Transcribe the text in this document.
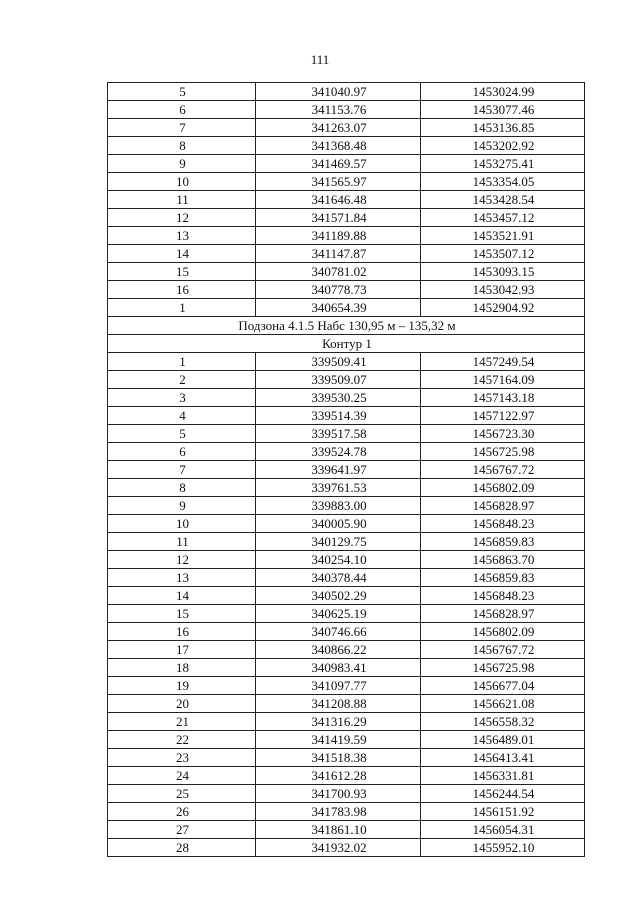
111
5	341040.97	1453024.99
6	341153.76	1453077.46
7	341263.07	1453136.85
8	341368.48	1453202.92
9	341469.57	1453275.41
10	341565.97	1453354.05
11	341646.48	1453428.54
12	341571.84	1453457.12
13	341189.88	1453521.91
14	341147.87	1453507.12
15	340781.02	1453093.15
16	340778.73	1453042.93
1	340654.39	1452904.92
Подзона 4.1.5 Набс 130,95 м – 135,32 м		
Контур 1		
1	339509.41	1457249.54
2	339509.07	1457164.09
3	339530.25	1457143.18
4	339514.39	1457122.97
5	339517.58	1456723.30
6	339524.78	1456725.98
7	339641.97	1456767.72
8	339761.53	1456802.09
9	339883.00	1456828.97
10	340005.90	1456848.23
11	340129.75	1456859.83
12	340254.10	1456863.70
13	340378.44	1456859.83
14	340502.29	1456848.23
15	340625.19	1456828.97
16	340746.66	1456802.09
17	340866.22	1456767.72
18	340983.41	1456725.98
19	341097.77	1456677.04
20	341208.88	1456621.08
21	341316.29	1456558.32
22	341419.59	1456489.01
23	341518.38	1456413.41
24	341612.28	1456331.81
25	341700.93	1456244.54
26	341783.98	1456151.92
27	341861.10	1456054.31
28	341932.02	1455952.10
